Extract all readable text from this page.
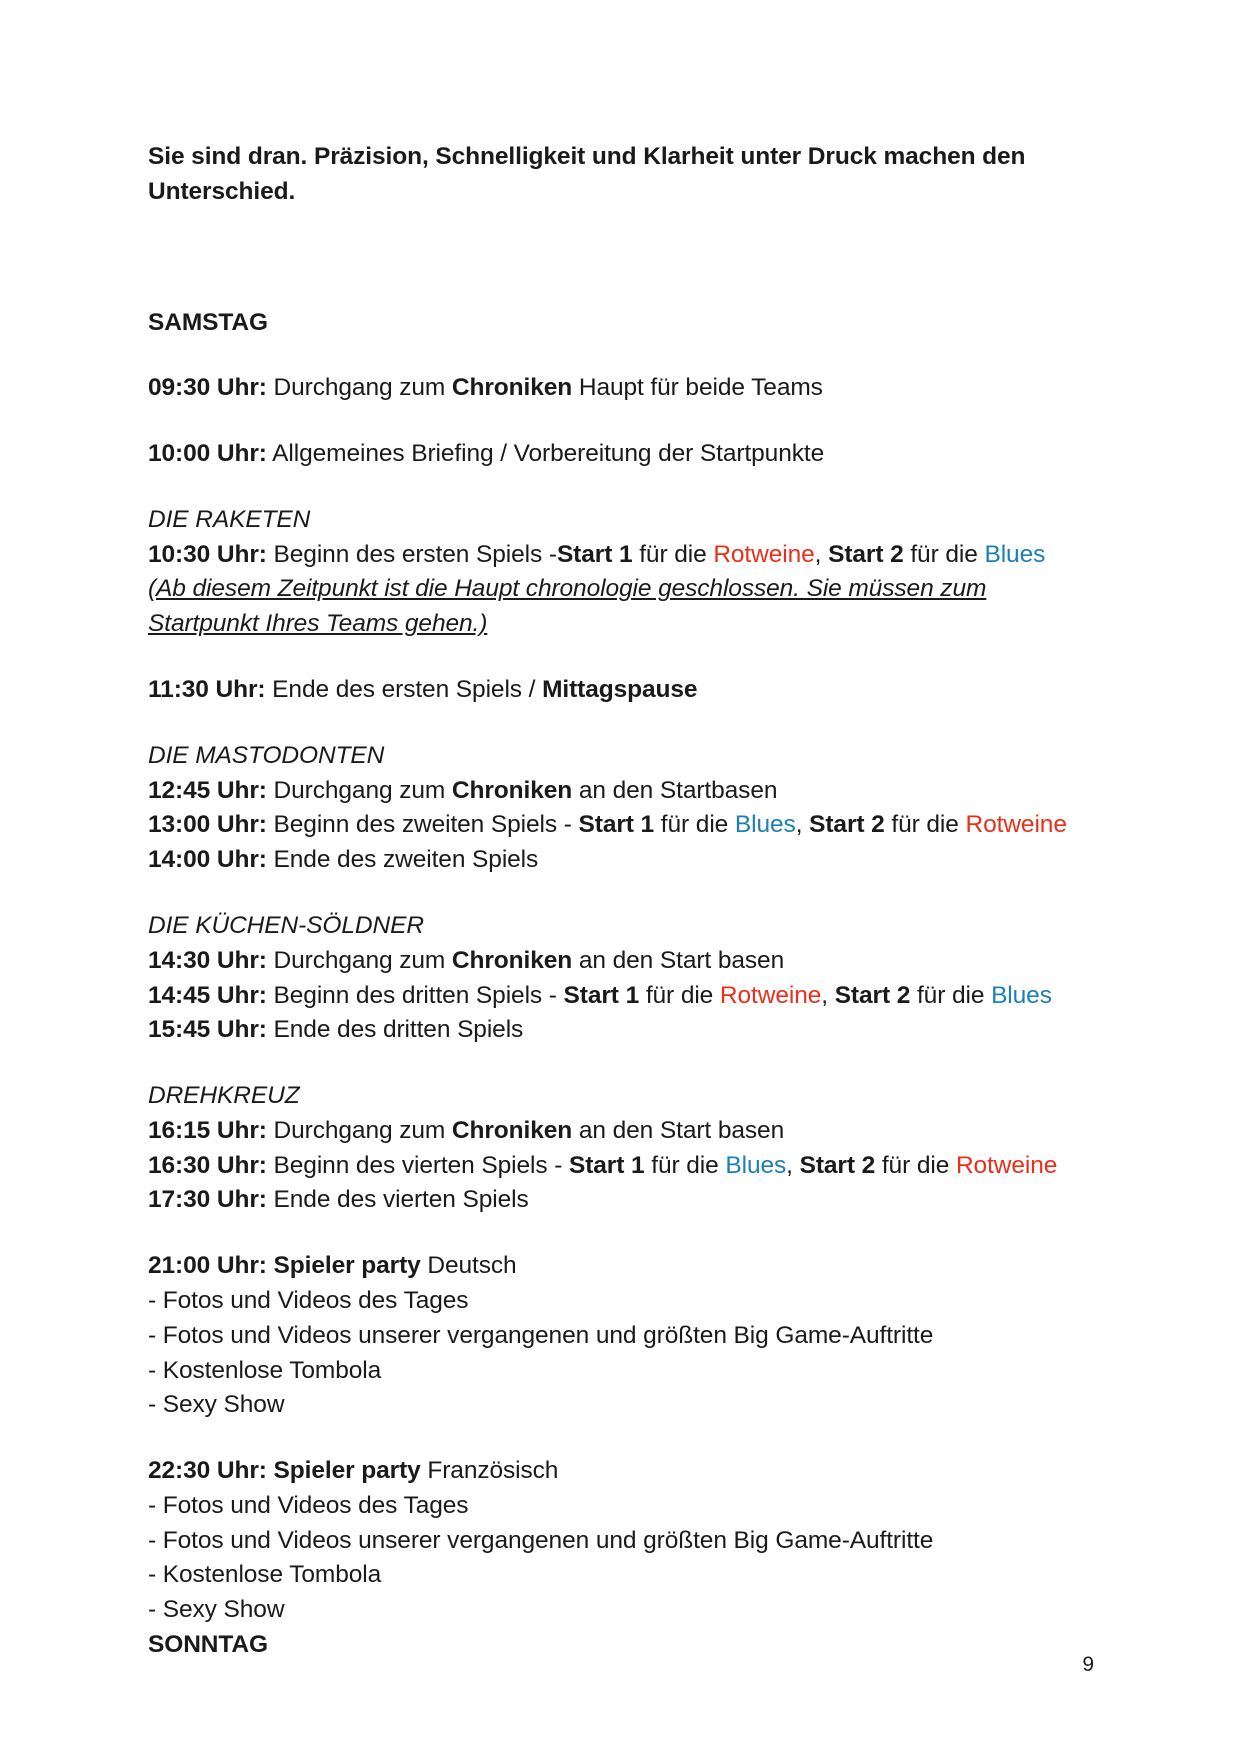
Sie sind dran. Präzision, Schnelligkeit und Klarheit unter Druck machen den
Unterschied.

SAMSTAG

09:30 Uhr: Durchgang zum Chroniken Haupt für beide Teams

10:00 Uhr: Allgemeines Briefing / Vorbereitung der Startpunkte

DIE RAKETEN

10:30 Uhr: Beginn des ersten Spiels -Start 1 für die Rotweine, Start 2 für die Blues

(Ab diesem Zeitpunkt ist die Haupt chronologie geschlossen. Sie müssen zum
Startpunkt Ihres Teams gehen.)

11:30 Uhr: Ende des ersten Spiels / Mittagspause

DIE MASTODONTEN

12:45 Uhr: Durchgang zum Chroniken an den Startbasen

13:00 Uhr: Beginn des zweiten Spiels - Start 1 für die Blues, Start 2 für die Rotweine

14:00 Uhr: Ende des zweiten Spiels

DIE KÜCHEN-SÖLDNER

14:30 Uhr: Durchgang zum Chroniken an den Start basen

14:45 Uhr: Beginn des dritten Spiels - Start 1 für die Rotweine, Start 2 für die Blues

15:45 Uhr: Ende des dritten Spiels

DREHKREUZ

16:15 Uhr: Durchgang zum Chroniken an den Start basen

16:30 Uhr: Beginn des vierten Spiels - Start 1 für die Blues, Start 2 für die Rotweine

17:30 Uhr: Ende des vierten Spiels

21:00 Uhr: Spieler party Deutsch

- Fotos und Videos des Tages

- Fotos und Videos unserer vergangenen und größten Big Game-Auftritte

- Kostenlose Tombola

- Sexy Show

22:30 Uhr: Spieler party Französisch

- Fotos und Videos des Tages

- Fotos und Videos unserer vergangenen und größten Big Game-Auftritte

- Kostenlose Tombola

- Sexy Show

SONNTAG

9
